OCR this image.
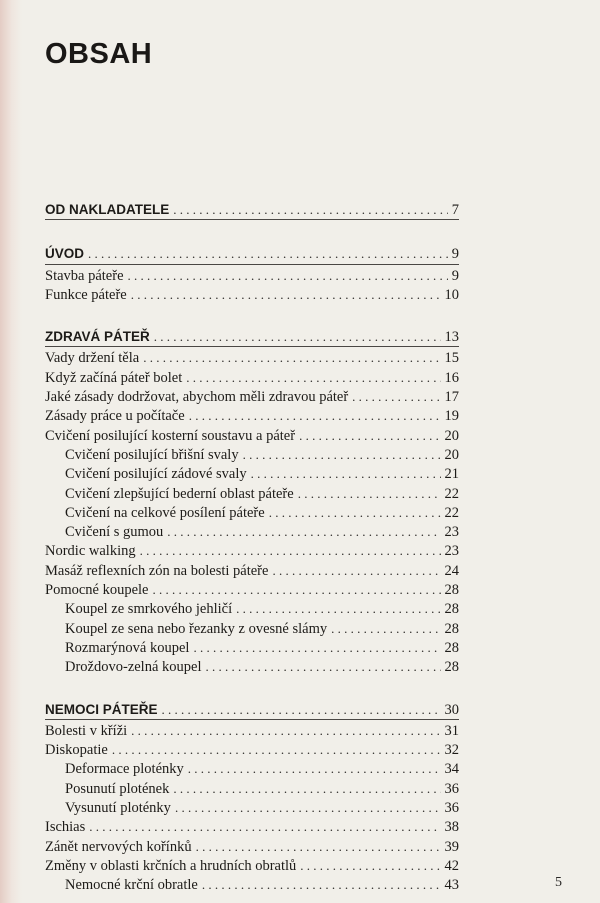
OBSAH
OD NAKLADATELE . . .	7
ÚVOD . . .	9
Stavba páteře . . .	9
Funkce páteře . . .	10
ZDRAVÁ PÁTEŘ . . .	13
Vady držení těla . . .	15
Když začíná páteř bolet . . .	16
Jaké zásady dodržovat, abychom měli zdravou páteř . . .	17
Zásady práce u počítače . . .	19
Cvičení posilující kosterní soustavu a páteř . . .	20
Cvičení posilující břišní svaly . . .	20
Cvičení posilující zádové svaly . . .	21
Cvičení zlepšující bederní oblast páteře . . .	22
Cvičení na celkové posílení páteře . . .	22
Cvičení s gumou . . .	23
Nordic walking . . .	23
Masáž reflexních zón na bolesti páteře . . .	24
Pomocné koupele . . .	28
Koupel ze smrkového jehličí . . .	28
Koupel ze sena nebo řezanky z ovesné slámy . . .	28
Rozmarýnová koupel . . .	28
Droždovo-zelná koupel . . .	28
NEMOCI PÁTEŘE . . .	30
Bolesti v kříži . . .	31
Diskopatie . . .	32
Deformace ploténky . . .	34
Posunutí plotének . . .	36
Vysunutí ploténky . . .	36
Ischias . . .	38
Zánět nervových kořínků . . .	39
Změny v oblasti krčních a hrudních obratlů . . .	42
Nemocné krční obratle . . .	43	5
